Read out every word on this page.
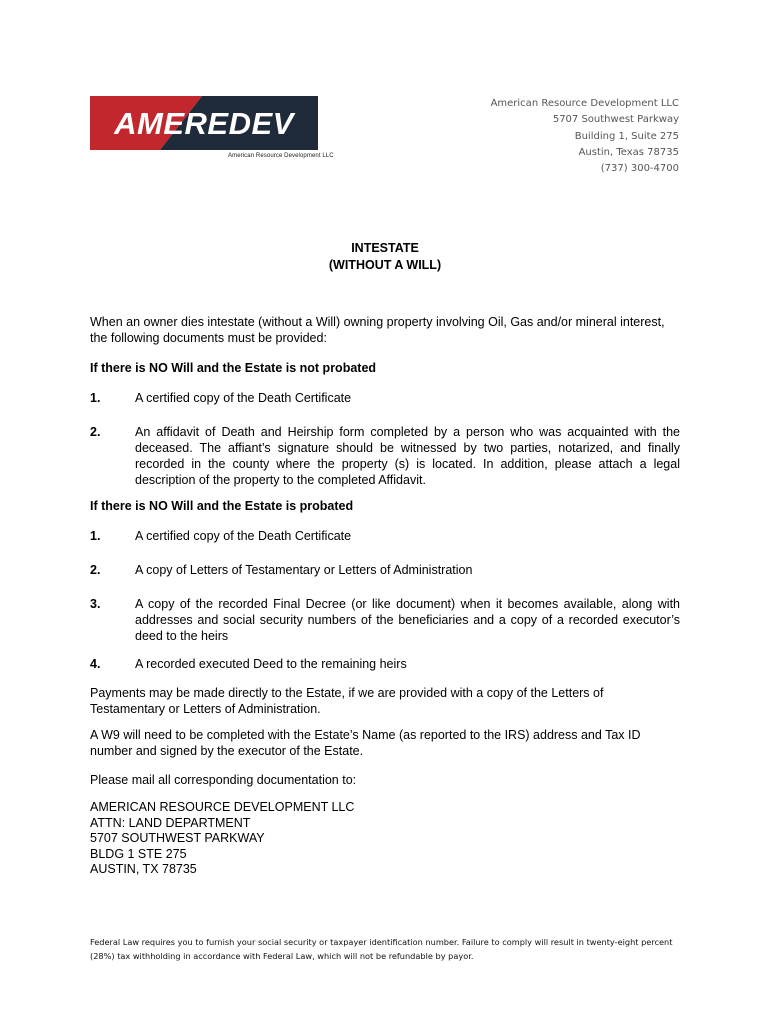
AMEREDEV
American Resource Development LLC
American Resource Development LLC
5707 Southwest Parkway
Building 1, Suite 275
Austin, Texas 78735
(737) 300-4700
INTESTATE
(WITHOUT A WILL)
When an owner dies intestate (without a Will) owning property involving Oil, Gas and/or mineral interest, the following documents must be provided:
If there is NO Will and the Estate is not probated
1.	A certified copy of the Death Certificate
2.	An affidavit of Death and Heirship form completed by a person who was acquainted with the deceased. The affiant’s signature should be witnessed by two parties, notarized, and finally recorded in the county where the property (s) is located. In addition, please attach a legal description of the property to the completed Affidavit.
If there is NO Will and the Estate is probated
1.	A certified copy of the Death Certificate
2.	A copy of Letters of Testamentary or Letters of Administration
3.	A copy of the recorded Final Decree (or like document) when it becomes available, along with addresses and social security numbers of the beneficiaries and a copy of a recorded executor’s deed to the heirs
4.	A recorded executed Deed to the remaining heirs
Payments may be made directly to the Estate, if we are provided with a copy of the Letters of Testamentary or Letters of Administration.
A W9 will need to be completed with the Estate’s Name (as reported to the IRS) address and Tax ID number and signed by the executor of the Estate.
Please mail all corresponding documentation to:
AMERICAN RESOURCE DEVELOPMENT LLC
ATTN: LAND DEPARTMENT
5707 SOUTHWEST PARKWAY
BLDG 1 STE 275
AUSTIN, TX 78735
Federal Law requires you to furnish your social security or taxpayer identification number. Failure to comply will result in twenty-eight percent (28%) tax withholding in accordance with Federal Law, which will not be refundable by payor.
